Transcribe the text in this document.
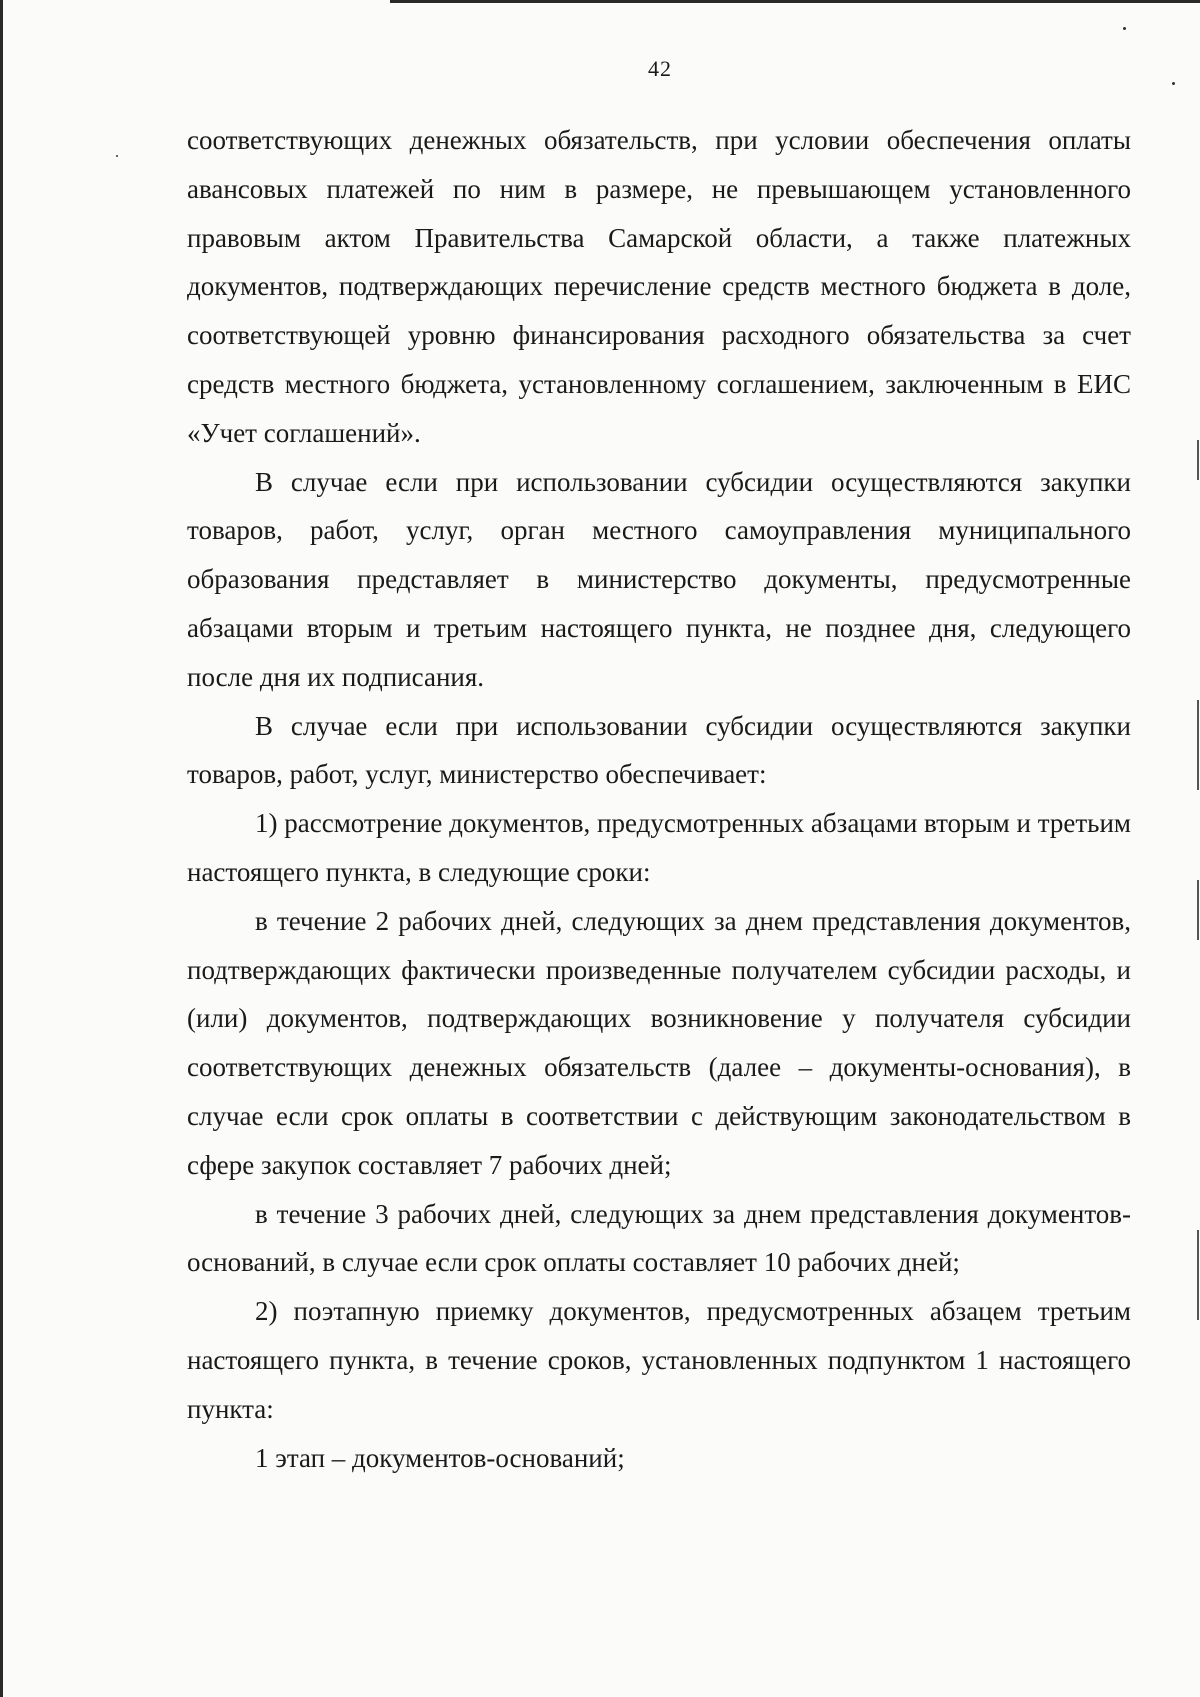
42

соответствующих денежных обязательств, при условии обеспечения оплаты авансовых платежей по ним в размере, не превышающем установленного правовым актом Правительства Самарской области, а также платежных документов, подтверждающих перечисление средств местного бюджета в доле, соответствующей уровню финансирования расходного обязательства за счет средств местного бюджета, установленному соглашением, заключенным в ЕИС «Учет соглашений».

В случае если при использовании субсидии осуществляются закупки товаров, работ, услуг, орган местного самоуправления муниципального образования представляет в министерство документы, предусмотренные абзацами вторым и третьим настоящего пункта, не позднее дня, следующего после дня их подписания.

В случае если при использовании субсидии осуществляются закупки товаров, работ, услуг, министерство обеспечивает:

1) рассмотрение документов, предусмотренных абзацами вторым и третьим настоящего пункта, в следующие сроки:

в течение 2 рабочих дней, следующих за днем представления документов, подтверждающих фактически произведенные получателем субсидии расходы, и (или) документов, подтверждающих возникновение у получателя субсидии соответствующих денежных обязательств (далее – документы-основания), в случае если срок оплаты в соответствии с действующим законодательством в сфере закупок составляет 7 рабочих дней;

в течение 3 рабочих дней, следующих за днем представления документов-оснований, в случае если срок оплаты составляет 10 рабочих дней;

2) поэтапную приемку документов, предусмотренных абзацем третьим настоящего пункта, в течение сроков, установленных подпунктом 1 настоящего пункта:

1 этап – документов-оснований;
